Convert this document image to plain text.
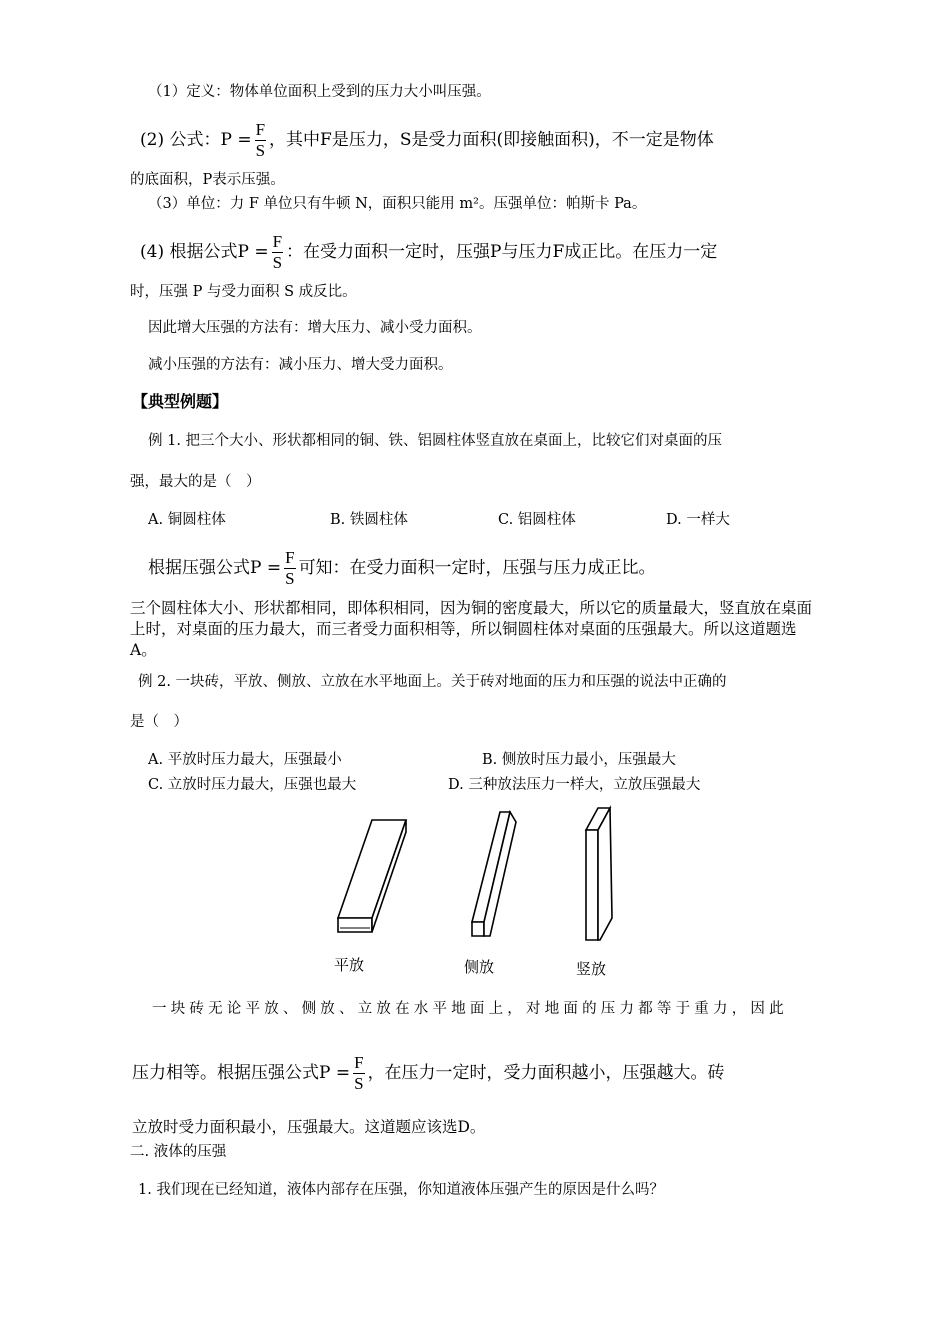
（1）定义：物体单位面积上受到的压力大小叫压强。
(2) 公式：$P = \frac{F}{S}$ ，其中F是压力，S是受力面积(即接触面积)，不一定是物体
的底面积，P表示压强。
（3）单位：力 F 单位只有牛顿 N，面积只能用 m²。压强单位：帕斯卡 Pa。
(4) 根据公式$P = \frac{F}{S}$ ：在受力面积一定时，压强P与压力F成正比。在压力一定
时，压强 P 与受力面积 S 成反比。
因此增大压强的方法有：增大压力、减小受力面积。
减小压强的方法有：减小压力、增大受力面积。
【典型例题】
例 1. 把三个大小、形状都相同的铜、铁、铝圆柱体竖直放在桌面上，比较它们对桌面的压
强，最大的是（　）
A. 铜圆柱体	B. 铁圆柱体	C. 铝圆柱体	D. 一样大
根据压强公式$P = \frac{F}{S}$ 可知：在受力面积一定时，压强与压力成正比。
三个圆柱体大小、形状都相同，即体积相同，因为铜的密度最大，所以它的质量最大，竖直放在桌面上时，对桌面的压力最大，而三者受力面积相等，所以铜圆柱体对桌面的压强最大。所以这道题选A。
例 2. 一块砖，平放、侧放、立放在水平地面上。关于砖对地面的压力和压强的说法中正确的
是（　）
A. 平放时压力最大，压强最小	B. 侧放时压力最小，压强最大
C. 立放时压力最大，压强也最大	D. 三种放法压力一样大，立放压强最大
平放	侧放	竖放
一块砖无论平放、侧放、立放在水平地面上，对地面的压力都等于重力，因此
压力相等。根据压强公式$P = \frac{F}{S}$ ，在压力一定时，受力面积越小，压强越大。砖
立放时受力面积最小，压强最大。这道题应该选D。
二. 液体的压强
1. 我们现在已经知道，液体内部存在压强，你知道液体压强产生的原因是什么吗？
